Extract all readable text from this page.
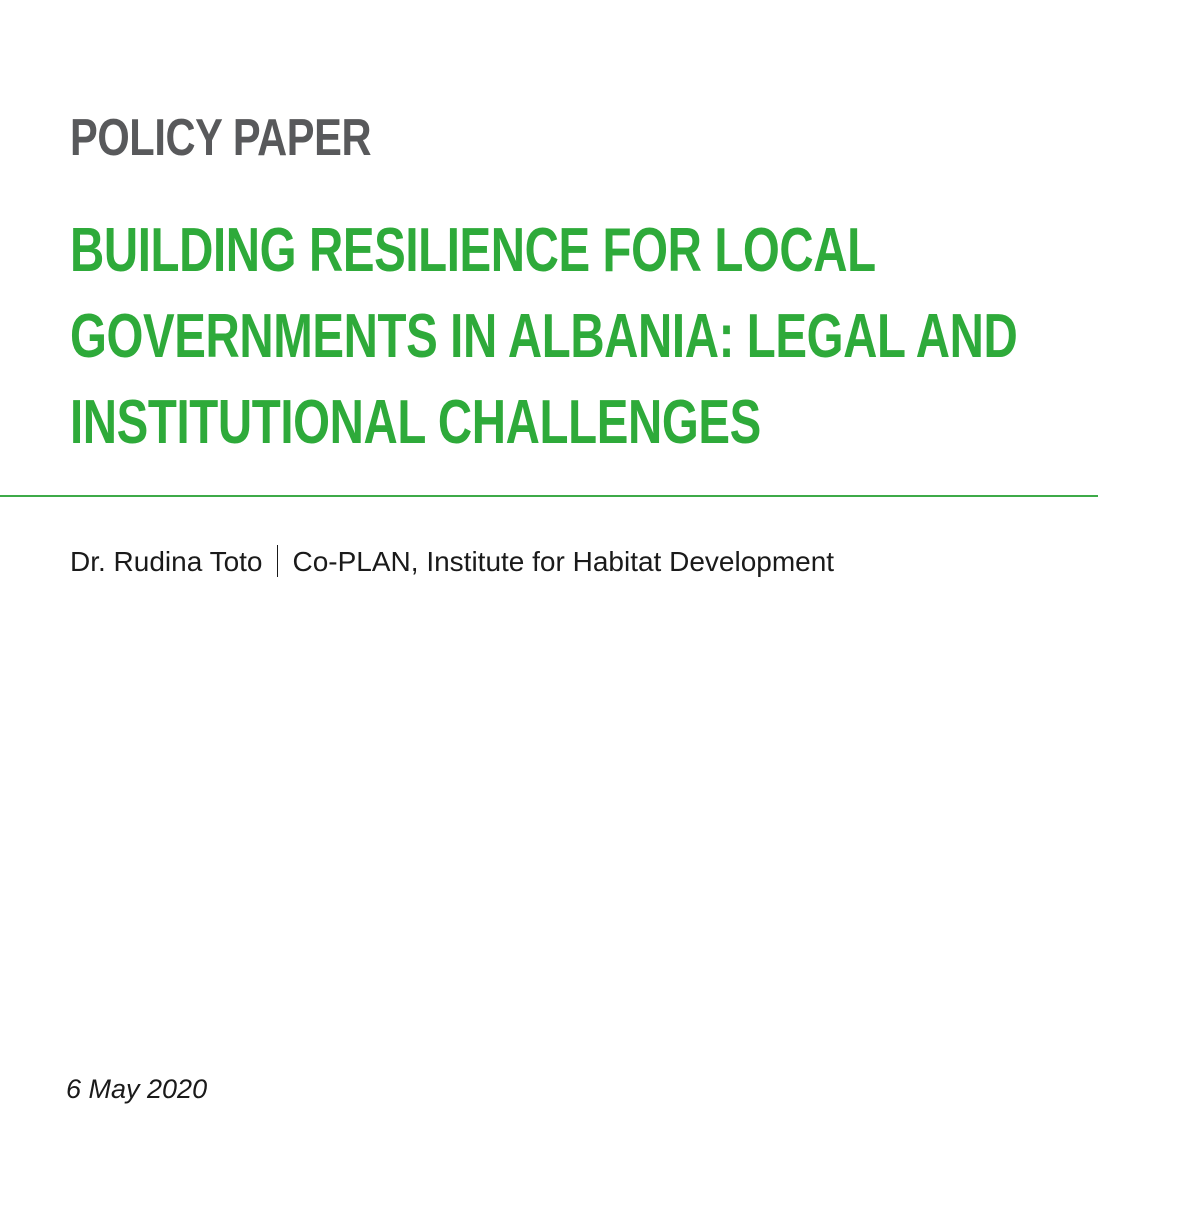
POLICY PAPER
BUILDING RESILIENCE FOR LOCAL
GOVERNMENTS IN ALBANIA: LEGAL AND
INSTITUTIONAL CHALLENGES
Dr. Rudina Toto Co-PLAN, Institute for Habitat Development
6 May 2020
